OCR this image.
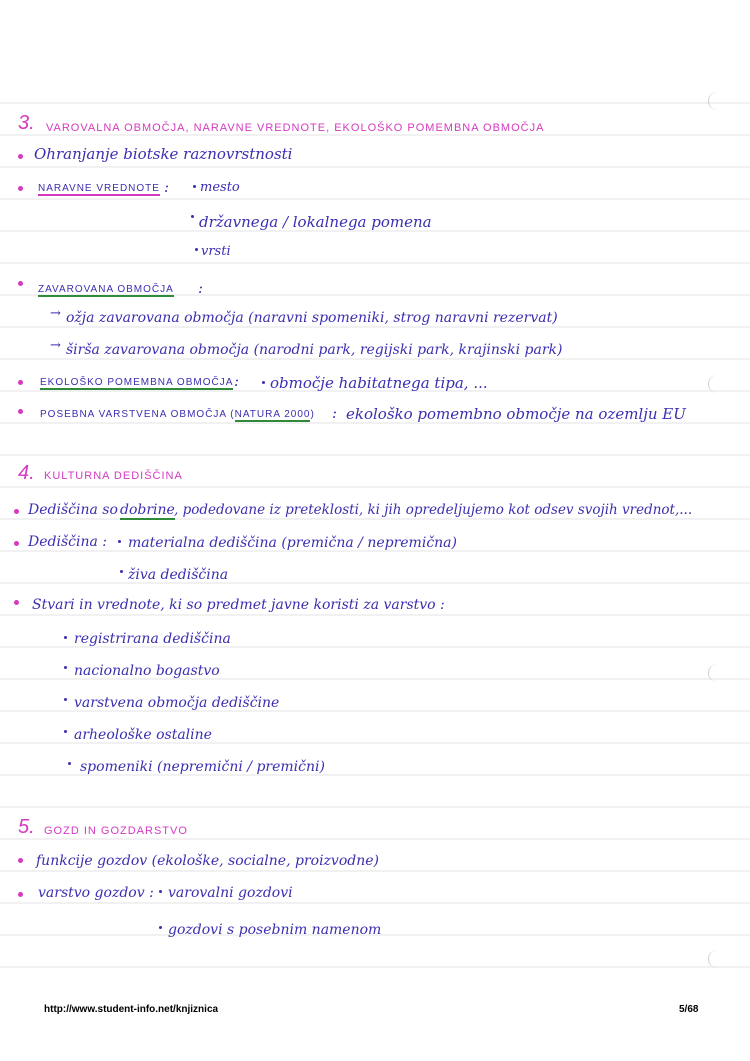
3. VAROVALNA OBMOČJA, NARAVNE VREDNOTE, EKOLOŠKO POMEMBNA OBMOČJA
Ohranjanje biotske raznovrstnosti
NARAVNE VREDNOTE : mesto
državnega / lokalnega pomena
vrsti
ZAVAROVANA OBMOČJA :
→ ožja zavarovana območja (naravni spomeniki, strog naravni rezervat)
→ širša zavarovana območja (narodni park, regijski park, krajinski park)
EKOLOŠKO POMEMBNA OBMOČJA : območje habitatnega tipa, ...
POSEBNA VARSTVENA OBMOČJA (NATURA 2000) : ekološko pomembno območje na ozemlju EU
4. KULTURNA DEDIŠČINA
Dediščina so dobrine , podedovane iz preteklosti, ki jih opredeljujemo kot odsev svojih vrednot,...
Dediščina : materialna dediščina (premična / nepremična)
živa dediščina
Stvari in vrednote, ki so predmet javne koristi za varstvo :
registrirana dediščina
nacionalno bogastvo
varstvena območja dediščine
arheološke ostaline
spomeniki (nepremični / premični)
5. GOZD IN GOZDARSTVO
funkcije gozdov (ekološke, socialne, proizvodne)
varstvo gozdov : varovalni gozdovi
gozdovi s posebnim namenom
http://www.student-info.net/knjiznica	5/68
